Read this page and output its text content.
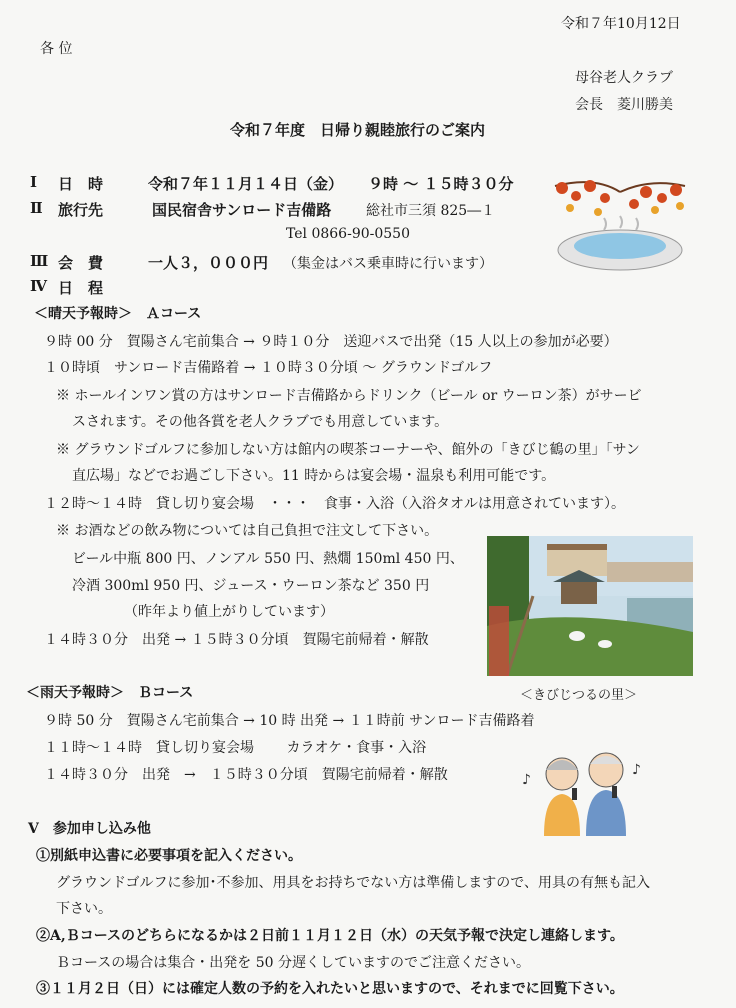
令和７年10月12日
各 位
母谷老人クラブ
会長　菱川勝美
令和７年度　日帰り親睦旅行のご案内
Ⅰ 日　時	令和７年１１月１４日（金） ９時 ～ １５時３０分
Ⅱ 旅行先	国民宿舎サンロード吉備路 総社市三須 825―１
Tel 0866-90-0550
Ⅲ 会　費	一人３，０００円 （集金はバス乗車時に行います）
Ⅳ 日　程
＜晴天予報時＞　Ａコース
９時 00 分　賀陽さん宅前集合 → ９時１０分　送迎バスで出発（15 人以上の参加が必要）
１０時頃　サンロード吉備路着 → １０時３０分頃 ～ グラウンドゴルフ
※ ホールインワン賞の方はサンロード吉備路からドリンク（ビール or ウーロン茶）がサービ
スされます。その他各賞を老人クラブでも用意しています。
※ グラウンドゴルフに参加しない方は館内の喫茶コーナーや、館外の「きびじ鶴の里」「サン
直広場」などでお過ごし下さい。11 時からは宴会場・温泉も利用可能です。
１２時～１４時　貸し切り宴会場　・・・　食事・入浴（入浴タオルは用意されています）。
※ お酒などの飲み物については自己負担で注文して下さい。
ビール中瓶 800 円、ノンアル 550 円、熱燗 150ml 450 円、
冷酒 300ml 950 円、ジュース・ウーロン茶など 350 円
（昨年より値上がりしています）
１４時３０分　出発 → １５時３０分頃　賀陽宅前帰着・解散
＜雨天予報時＞　Ｂコース
９時 50 分　賀陽さん宅前集合 → 10 時 出発 → １１時前 サンロード吉備路着
１１時～１４時　貸し切り宴会場　　 カラオケ・食事・入浴
１４時３０分　出発　→　１５時３０分頃　賀陽宅前帰着・解散
Ⅴ　参加申し込み他
①別紙申込書に必要事項を記入ください。
グラウンドゴルフに参加･不参加、用具をお持ちでない方は準備しますので、用具の有無も記入
下さい。
②A,Ｂコースのどちらになるかは２日前１１月１２日（水）の天気予報で決定し連絡します。
Ｂコースの場合は集合・出発を 50 分遅くしていますのでご注意ください。
③１１月２日（日）には確定人数の予約を入れたいと思いますので、それまでに回覧下さい。
＜きびじつるの里＞
♪
♪
